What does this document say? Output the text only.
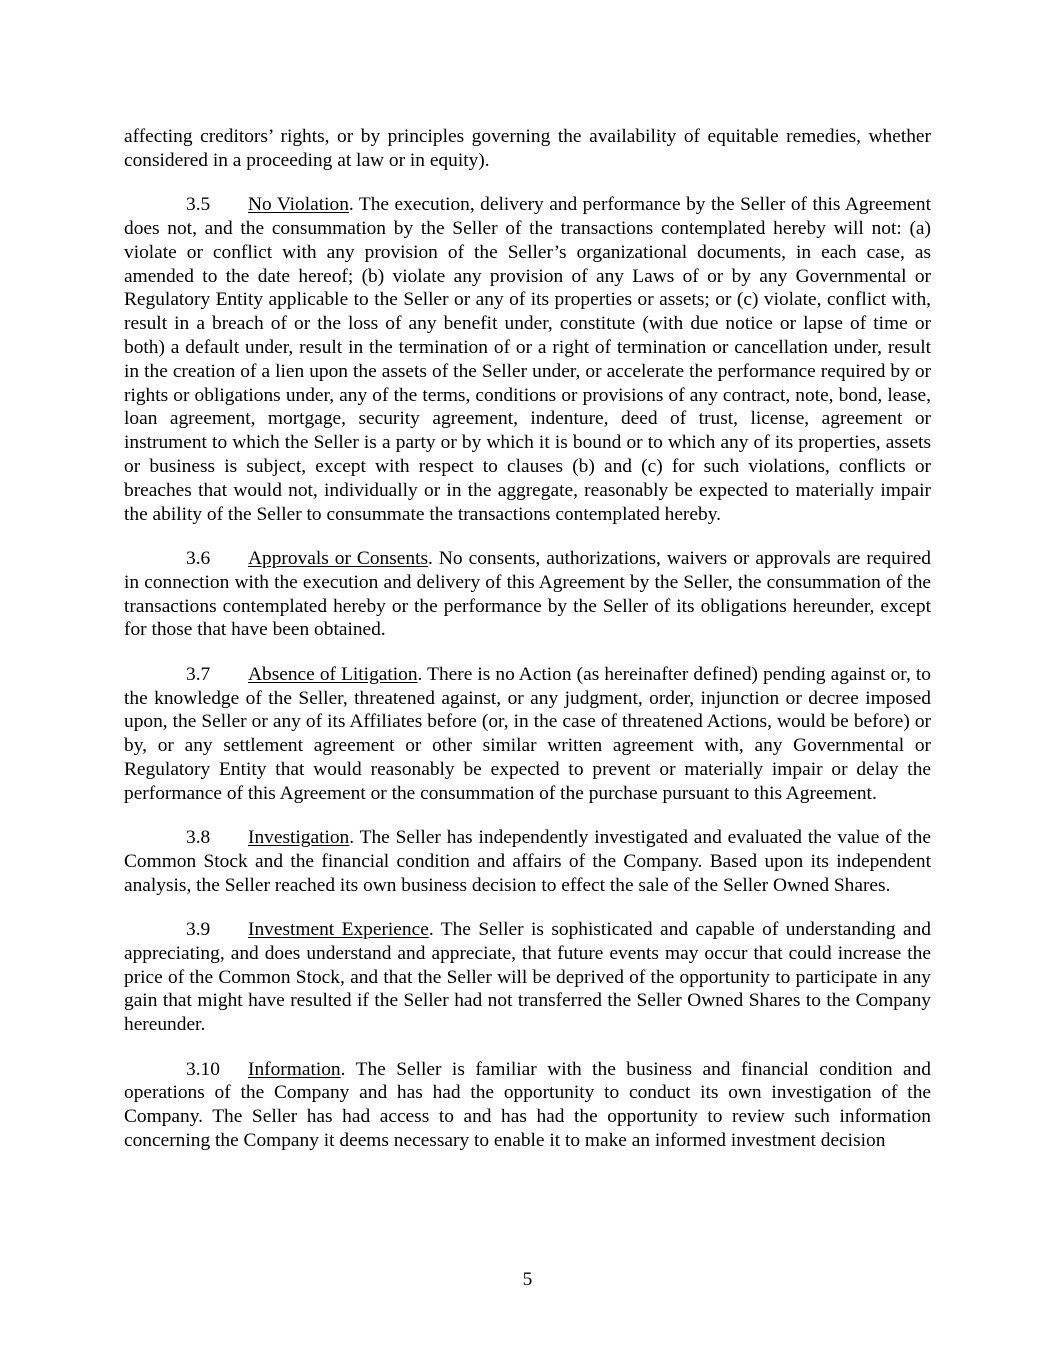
affecting creditors’ rights, or by principles governing the availability of equitable remedies, whether considered in a proceeding at law or in equity).

3.5 No Violation. The execution, delivery and performance by the Seller of this Agreement does not, and the consummation by the Seller of the transactions contemplated hereby will not: (a) violate or conflict with any provision of the Seller’s organizational documents, in each case, as amended to the date hereof; (b) violate any provision of any Laws of or by any Governmental or Regulatory Entity applicable to the Seller or any of its properties or assets; or (c) violate, conflict with, result in a breach of or the loss of any benefit under, constitute (with due notice or lapse of time or both) a default under, result in the termination of or a right of termination or cancellation under, result in the creation of a lien upon the assets of the Seller under, or accelerate the performance required by or rights or obligations under, any of the terms, conditions or provisions of any contract, note, bond, lease, loan agreement, mortgage, security agreement, indenture, deed of trust, license, agreement or instrument to which the Seller is a party or by which it is bound or to which any of its properties, assets or business is subject, except with respect to clauses (b) and (c) for such violations, conflicts or breaches that would not, individually or in the aggregate, reasonably be expected to materially impair the ability of the Seller to consummate the transactions contemplated hereby.

3.6 Approvals or Consents. No consents, authorizations, waivers or approvals are required in connection with the execution and delivery of this Agreement by the Seller, the consummation of the transactions contemplated hereby or the performance by the Seller of its obligations hereunder, except for those that have been obtained.

3.7 Absence of Litigation. There is no Action (as hereinafter defined) pending against or, to the knowledge of the Seller, threatened against, or any judgment, order, injunction or decree imposed upon, the Seller or any of its Affiliates before (or, in the case of threatened Actions, would be before) or by, or any settlement agreement or other similar written agreement with, any Governmental or Regulatory Entity that would reasonably be expected to prevent or materially impair or delay the performance of this Agreement or the consummation of the purchase pursuant to this Agreement.

3.8 Investigation. The Seller has independently investigated and evaluated the value of the Common Stock and the financial condition and affairs of the Company. Based upon its independent analysis, the Seller reached its own business decision to effect the sale of the Seller Owned Shares.

3.9 Investment Experience. The Seller is sophisticated and capable of understanding and appreciating, and does understand and appreciate, that future events may occur that could increase the price of the Common Stock, and that the Seller will be deprived of the opportunity to participate in any gain that might have resulted if the Seller had not transferred the Seller Owned Shares to the Company hereunder.

3.10 Information. The Seller is familiar with the business and financial condition and operations of the Company and has had the opportunity to conduct its own investigation of the Company. The Seller has had access to and has had the opportunity to review such information concerning the Company it deems necessary to enable it to make an informed investment decision

5
